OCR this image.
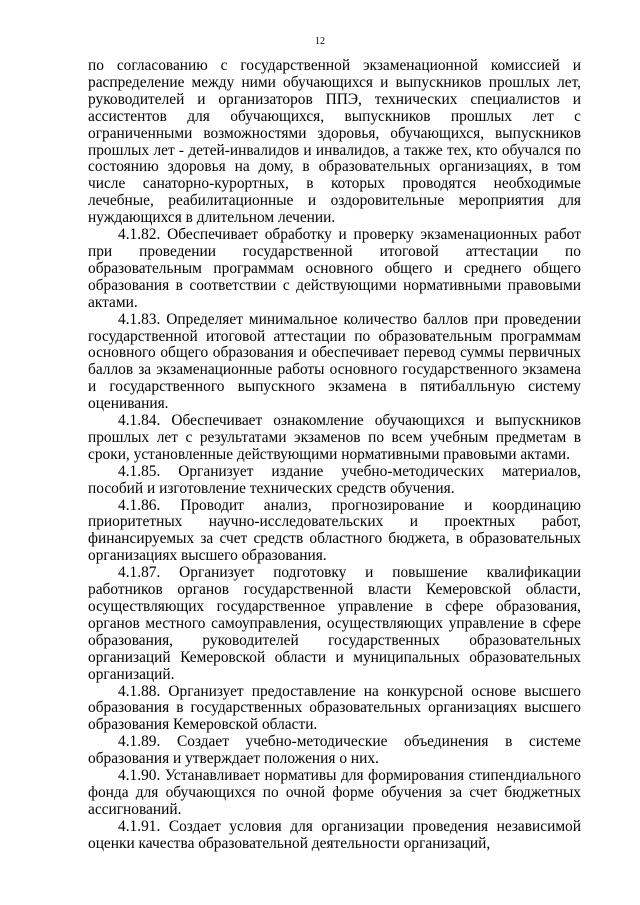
12

по согласованию с государственной экзаменационной комиссией и распределение между ними обучающихся и выпускников прошлых лет, руководителей и организаторов ППЭ, технических специалистов и ассистентов для обучающихся, выпускников прошлых лет с ограниченными возможностями здоровья, обучающихся, выпускников прошлых лет - детей-инвалидов и инвалидов, а также тех, кто обучался по состоянию здоровья на дому, в образовательных организациях, в том числе санаторно-курортных, в которых проводятся необходимые лечебные, реабилитационные и оздоровительные мероприятия для нуждающихся в длительном лечении.

4.1.82. Обеспечивает обработку и проверку экзаменационных работ при проведении государственной итоговой аттестации по образовательным программам основного общего и среднего общего образования в соответствии с действующими нормативными правовыми актами.

4.1.83. Определяет минимальное количество баллов при проведении государственной итоговой аттестации по образовательным программам основного общего образования и обеспечивает перевод суммы первичных баллов за экзаменационные работы основного государственного экзамена и государственного выпускного экзамена в пятибалльную систему оценивания.

4.1.84. Обеспечивает ознакомление обучающихся и выпускников прошлых лет с результатами экзаменов по всем учебным предметам в сроки, установленные действующими нормативными правовыми актами.

4.1.85. Организует издание учебно-методических материалов, пособий и изготовление технических средств обучения.

4.1.86. Проводит анализ, прогнозирование и координацию приоритетных научно-исследовательских и проектных работ, финансируемых за счет средств областного бюджета, в образовательных организациях высшего образования.

4.1.87. Организует подготовку и повышение квалификации работников органов государственной власти Кемеровской области, осуществляющих государственное управление в сфере образования, органов местного самоуправления, осуществляющих управление в сфере образования, руководителей государственных образовательных организаций Кемеровской области и муниципальных образовательных организаций.

4.1.88. Организует предоставление на конкурсной основе высшего образования в государственных образовательных организациях высшего образования Кемеровской области.

4.1.89. Создает учебно-методические объединения в системе образования и утверждает положения о них.

4.1.90. Устанавливает нормативы для формирования стипендиального фонда для обучающихся по очной форме обучения за счет бюджетных ассигнований.

4.1.91. Создает условия для организации проведения независимой оценки качества образовательной деятельности организаций,
